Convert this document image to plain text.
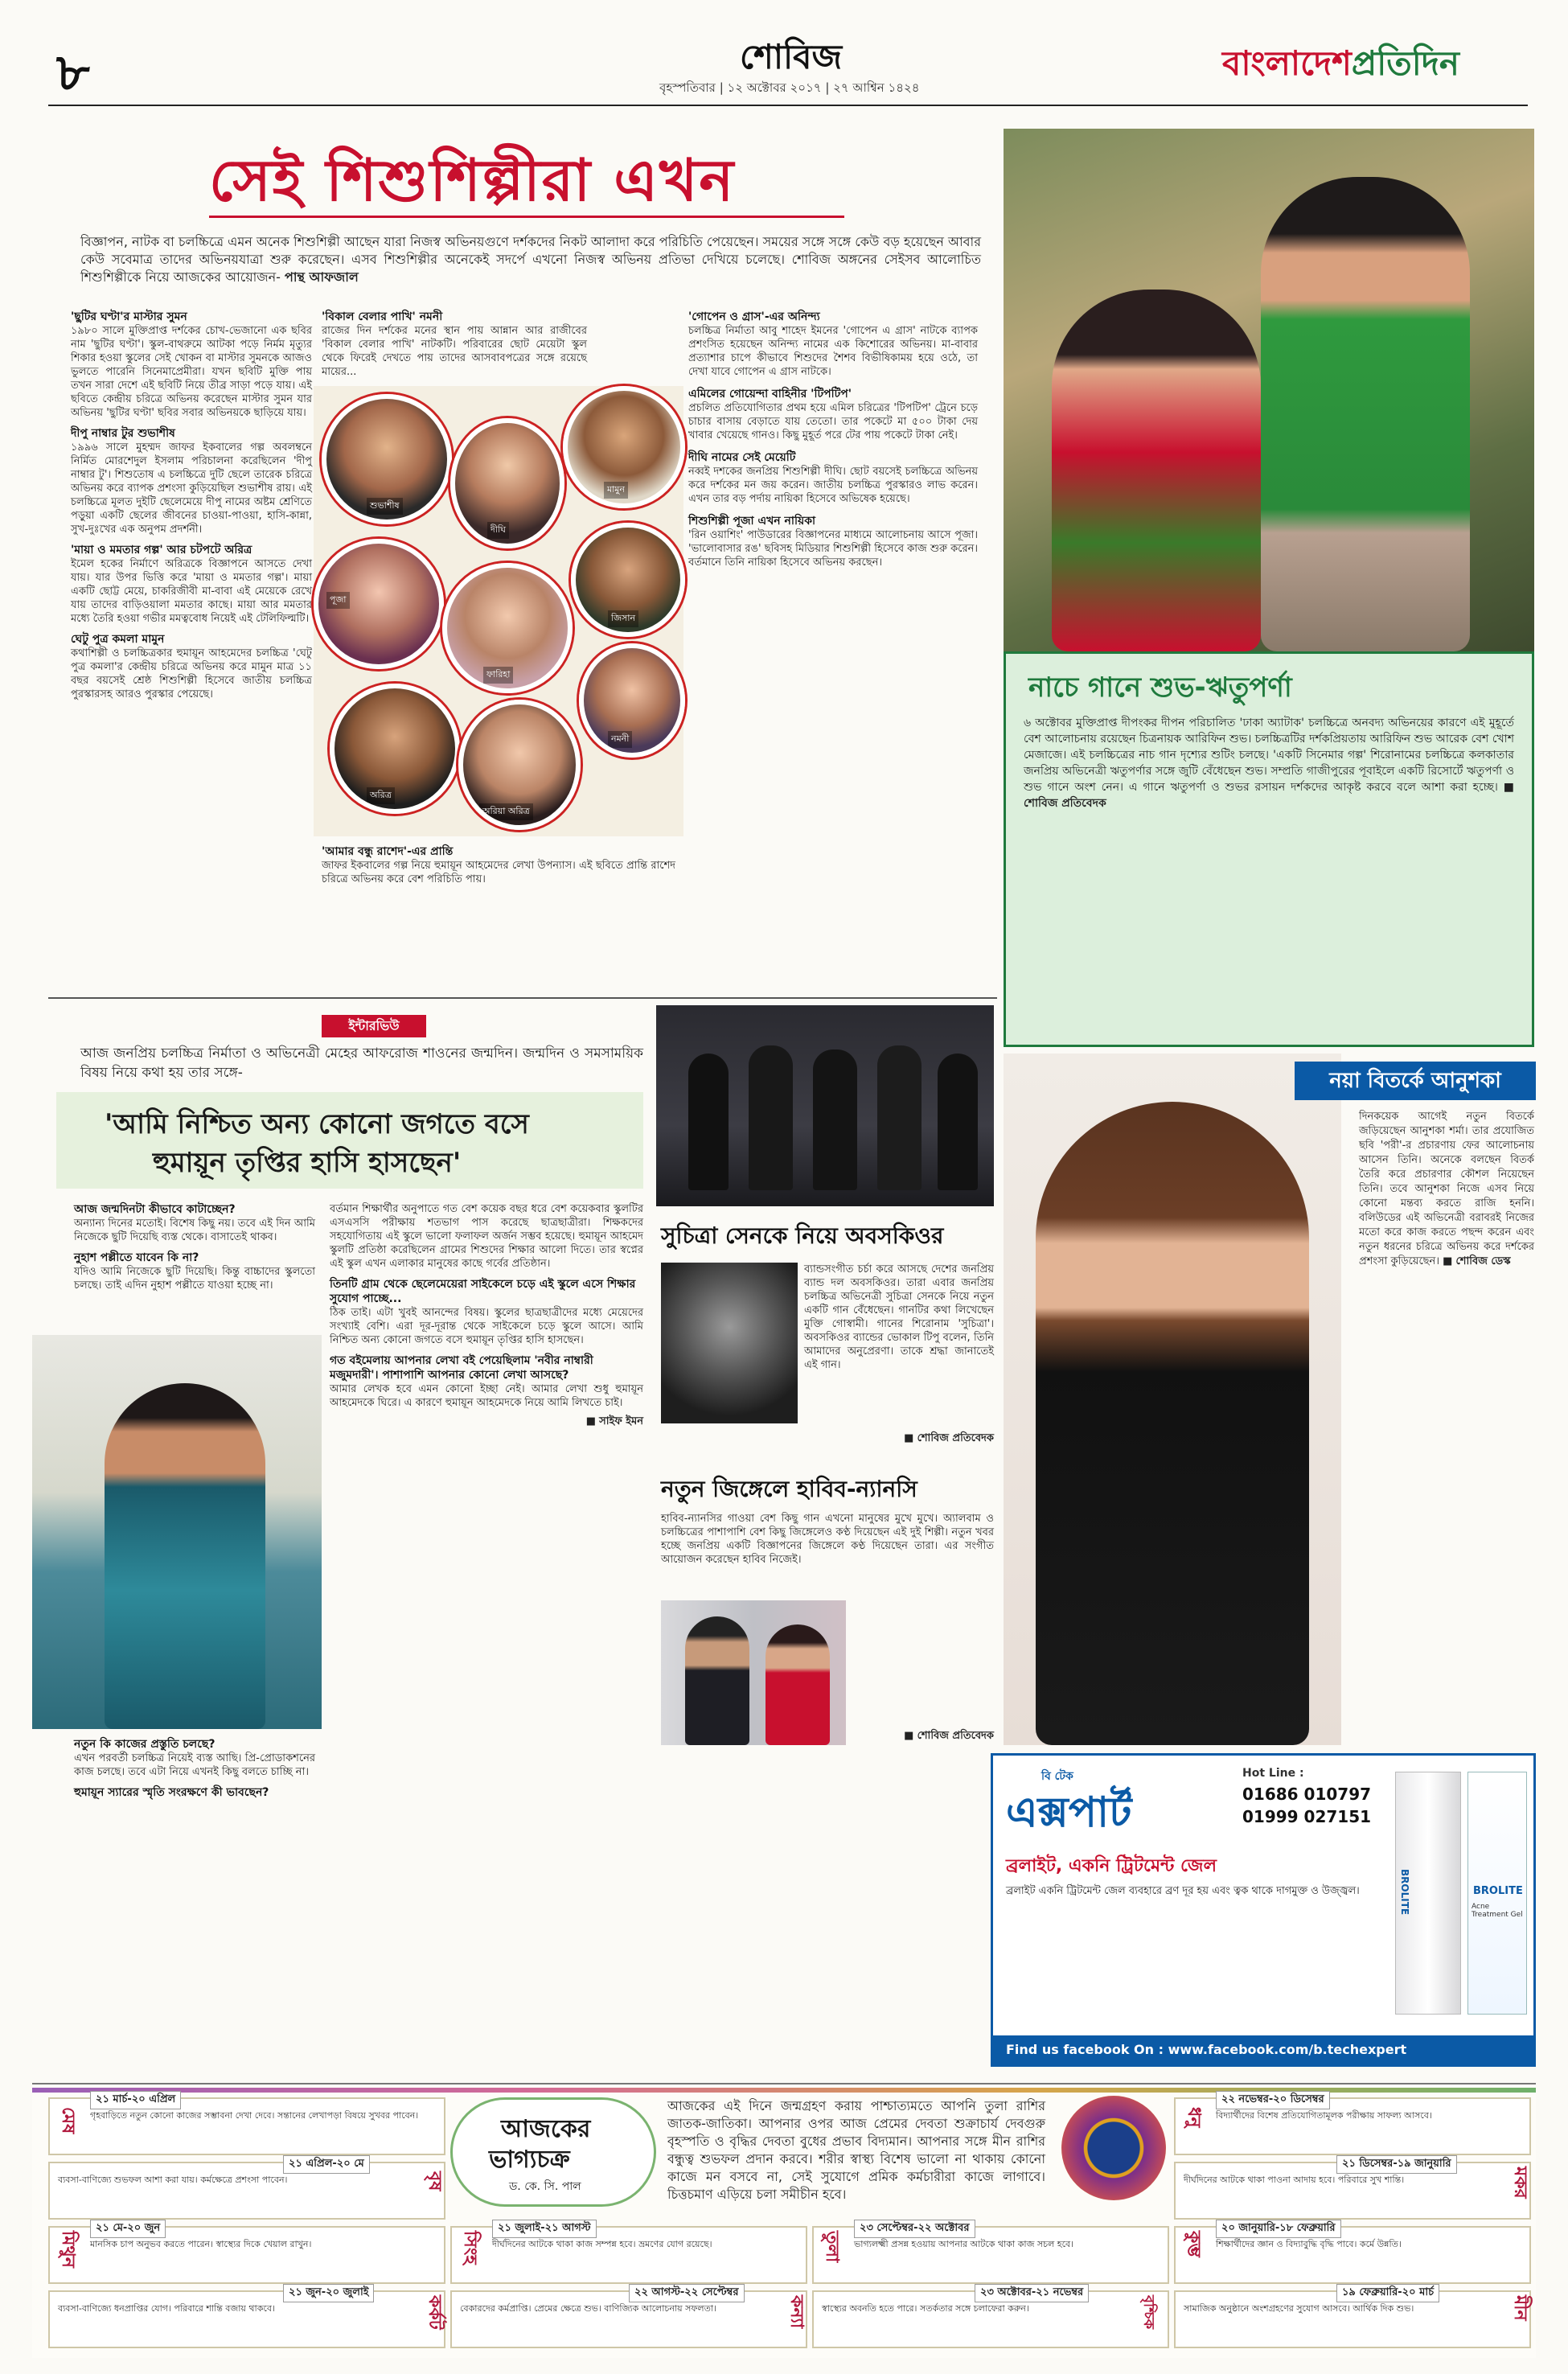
৮	শোবিজ
বৃহস্পতিবার | ১২ অক্টোবর ২০১৭ | ২৭ আশ্বিন ১৪২৪
বাংলাদেশপ্রতিদিন
সেই শিশুশিল্পীরা এখন
বিজ্ঞাপন, নাটক বা চলচ্চিত্রে এমন অনেক শিশুশিল্পী আছেন যারা নিজস্ব অভিনয়গুণে দর্শকদের নিকট আলাদা করে পরিচিতি পেয়েছেন। সময়ের সঙ্গে সঙ্গে কেউ বড় হয়েছেন আবার কেউ সবেমাত্র তাদের অভিনয়যাত্রা শুরু করেছেন। এসব শিশুশিল্পীর অনেকেই সদর্পে এখনো নিজস্ব অভিনয় প্রতিভা দেখিয়ে চলেছে। শোবিজ অঙ্গনের সেইসব আলোচিত শিশুশিল্পীকে নিয়ে আজকের আয়োজন- পান্থ আফজাল
'ছুটির ঘণ্টা'র মাস্টার সুমন
১৯৮০ সালে মুক্তিপ্রাপ্ত দর্শকের চোখ-ভেজানো এক ছবির নাম 'ছুটির ঘণ্টা'। স্কুল-বাথরুমে আটকা পড়ে নির্মম মৃত্যুর শিকার হওয়া স্কুলের সেই খোকন বা মাস্টার সুমনকে আজও ভুলতে পারেনি সিনেমাপ্রেমীরা। যখন ছবিটি মুক্তি পায় তখন সারা দেশে এই ছবিটি নিয়ে তীব্র সাড়া পড়ে যায়। এই ছবিতে কেন্দ্রীয় চরিত্রে অভিনয় করেছেন মাস্টার সুমন যার অভিনয় 'ছুটির ঘণ্টা' ছবির সবার অভিনয়কে ছাড়িয়ে যায়।
দীপু নাম্বার টুর শুভাশীষ
১৯৯৬ সালে মুহম্মদ জাফর ইকবালের গল্প অবলম্বনে নির্মিত মোরশেদুল ইসলাম পরিচালনা করেছিলেন 'দীপু নাম্বার টু'। শিশুতোষ এ চলচ্চিত্রে দুটি ছেলে তারেক চরিত্রে অভিনয় করে ব্যাপক প্রশংসা কুড়িয়েছিল শুভাশীষ রায়। এই চলচ্চিত্রে মূলত দুইটি ছেলেমেয়ে দীপু নামের অষ্টম শ্রেণিতে পড়ুয়া একটি ছেলের জীবনের চাওয়া-পাওয়া, হাসি-কান্না, সুখ-দুঃখের এক অনুপম প্রদর্শনী।
'মায়া ও মমতার গল্প' আর চটপটে অরিত্র
ইমেল হকের নির্মাণে অরিত্রকে বিজ্ঞাপনে আসতে দেখা যায়। যার উপর ভিত্তি করে 'মায়া ও মমতার গল্প'। মায়া একটি ছোট্ট মেয়ে, চাকরিজীবী মা-বাবা এই মেয়েকে রেখে যায় তাদের বাড়িওয়ালা মমতার কাছে। মায়া আর মমতার মধ্যে তৈরি হওয়া গভীর মমত্ববোধ নিয়েই এই টেলিফিল্মটি।
ঘেটু পুত্র কমলা মামুন
কথাশিল্পী ও চলচ্চিত্রকার হুমায়ূন আহমেদের চলচ্চিত্র 'ঘেটু পুত্র কমলা'র কেন্দ্রীয় চরিত্রে অভিনয় করে মামুন মাত্র ১১ বছর বয়সেই শ্রেষ্ঠ শিশুশিল্পী হিসেবে জাতীয় চলচ্চিত্র পুরস্কারসহ আরও পুরস্কার পেয়েছে।
'বিকাল বেলার পাখি' নমনী
রাজের দিন দর্শকের মনের স্থান পায় আন্নান আর রাজীবের 'বিকাল বেলার পাখি' নাটকটি। পরিবারের ছোট মেয়েটা স্কুল থেকে ফিরেই দেখতে পায় তাদের আসবাবপত্রের সঙ্গে রয়েছে মায়ের...
শুভাশীষ
দীঘি
মামুন
পূজা
জিসান
ফারিহা
অরিত্র
অরিয়া অরিত্র
নমনী
'আমার বন্ধু রাশেদ'-এর প্রান্তি
জাফর ইকবালের গল্প নিয়ে হুমায়ূন আহমেদের লেখা উপন্যাস। এই ছবিতে প্রান্তি রাশেদ চরিত্রে অভিনয় করে বেশ পরিচিতি পায়।
'গোপেন ও গ্রাস'-এর অনিন্দ্য
চলচ্চিত্র নির্মাতা আবু শাহেদ ইমনের 'গোপেন এ গ্রাস' নাটকে ব্যাপক প্রশংসিত হয়েছেন অনিন্দ্য নামের এক কিশোরের অভিনয়। মা-বাবার প্রত্যাশার চাপে কীভাবে শিশুদের শৈশব বিভীষিকাময় হয়ে ওঠে, তা দেখা যাবে গোপেন এ গ্রাস নাটকে।
এমিলের গোয়েন্দা বাহিনীর 'টিপটিপ'
প্রচলিত প্রতিযোগিতার প্রথম হয়ে এমিল চরিত্রের 'টিপটিপ' ট্রেনে চড়ে চাচার বাসায় বেড়াতে যায় তেতো। তার পকেটে মা ৫০০ টাকা দেয় খাবার খেয়েছে গানও। কিছু মুহূর্ত পরে টের পায় পকেটে টাকা নেই।
দীঘি নামের সেই মেয়েটি
নব্বই দশকের জনপ্রিয় শিশুশিল্পী দীঘি। ছোট বয়সেই চলচ্চিত্রে অভিনয় করে দর্শকের মন জয় করেন। জাতীয় চলচ্চিত্র পুরস্কারও লাভ করেন। এখন তার বড় পর্দায় নায়িকা হিসেবে অভিষেক হয়েছে।
শিশুশিল্পী পূজা এখন নায়িকা
'রিন ওয়াশিং' পাউডারের বিজ্ঞাপনের মাধ্যমে আলোচনায় আসে পূজা। 'ভালোবাসার রঙ' ছবিসহ মিডিয়ার শিশুশিল্পী হিসেবে কাজ শুরু করেন। বর্তমানে তিনি নায়িকা হিসেবে অভিনয় করছেন।
নাচে গানে শুভ-ঋতুপর্ণা
৬ অক্টোবর মুক্তিপ্রাপ্ত দীপংকর দীপন পরিচালিত 'ঢাকা অ্যাটাক' চলচ্চিত্রে অনবদ্য অভিনয়ের কারণে এই মুহূর্তে বেশ আলোচনায় রয়েছেন চিত্রনায়ক আরিফিন শুভ। চলচ্চিত্রটির দর্শকপ্রিয়তায় আরিফিন শুভ আরেক বেশ খোশ মেজাজে। এই চলচ্চিত্রের নাচ গান দৃশ্যের শুটিং চলছে। 'একটি সিনেমার গল্প' শিরোনামের চলচ্চিত্রে কলকাতার জনপ্রিয় অভিনেত্রী ঋতুপর্ণার সঙ্গে জুটি বেঁধেছেন শুভ। সম্প্রতি গাজীপুরের পূবাইলে একটি রিসোর্টে ঋতুপর্ণা ও শুভ গানে অংশ নেন। এ গানে ঋতুপর্ণা ও শুভর রসায়ন দর্শকদের আকৃষ্ট করবে বলে আশা করা হচ্ছে। ■ শোবিজ প্রতিবেদক
ইন্টারভিউ
আজ জনপ্রিয় চলচ্চিত্র নির্মাতা ও অভিনেত্রী মেহের আফরোজ শাওনের জন্মদিন। জন্মদিন ও সমসাময়িক বিষয় নিয়ে কথা হয় তার সঙ্গে-
'আমি নিশ্চিত অন্য কোনো জগতে বসে
হুমায়ূন তৃপ্তির হাসি হাসছেন'
আজ জন্মদিনটা কীভাবে কাটাচ্ছেন?
অন্যান্য দিনের মতোই। বিশেষ কিছু নয়। তবে এই দিন আমি নিজেকে ছুটি দিয়েছি ব্যস্ত থেকে। বাসাতেই থাকব।
নুহাশ পল্লীতে যাবেন কি না?
যদিও আমি নিজেকে ছুটি দিয়েছি। কিন্তু বাচ্চাদের স্কুলতো চলছে। তাই এদিন নুহাশ পল্লীতে যাওয়া হচ্ছে না।
নতুন কি কাজের প্রস্তুতি চলছে?
এখন পরবর্তী চলচ্চিত্র নিয়েই ব্যস্ত আছি। প্রি-প্রোডাকশনের কাজ চলছে। তবে এটা নিয়ে এখনই কিছু বলতে চাচ্ছি না।
হুমায়ূন স্যারের স্মৃতি সংরক্ষণে কী ভাবছেন?
বর্তমান শিক্ষার্থীর অনুপাতে গত বেশ কয়েক বছর ধরে বেশ কয়েকবার স্কুলটির এসএসসি পরীক্ষায় শতভাগ পাস করেছে ছাত্রছাত্রীরা। শিক্ষকদের সহযোগিতায় এই স্কুলে ভালো ফলাফল অর্জন সম্ভব হয়েছে। হুমায়ূন আহমেদ স্কুলটি প্রতিষ্ঠা করেছিলেন গ্রামের শিশুদের শিক্ষার আলো দিতে। তার স্বপ্নের এই স্কুল এখন এলাকার মানুষের কাছে গর্বের প্রতিষ্ঠান।
তিনটি গ্রাম থেকে ছেলেমেয়েরা সাইকেলে চড়ে এই স্কুলে এসে শিক্ষার সুযোগ পাচ্ছে...
ঠিক তাই। এটা খুবই আনন্দের বিষয়। স্কুলের ছাত্রছাত্রীদের মধ্যে মেয়েদের সংখ্যাই বেশি। এরা দূর-দূরান্ত থেকে সাইকেলে চড়ে স্কুলে আসে। আমি নিশ্চিত অন্য কোনো জগতে বসে হুমায়ূন তৃপ্তির হাসি হাসছেন।
গত বইমেলায় আপনার লেখা বই পেয়েছিলাম 'নবীর নাম্বারী মজুমদারী'। পাশাপাশি আপনার কোনো লেখা আসছে?
আমার লেখক হবে এমন কোনো ইচ্ছা নেই। আমার লেখা শুধু হুমায়ূন আহমেদকে ঘিরে। এ কারণে হুমায়ূন আহমেদকে নিয়ে আমি লিখতে চাই।
■ সাইফ ইমন
সুচিত্রা সেনকে নিয়ে অবসকিওর
ব্যান্ডসংগীত চর্চা করে আসছে দেশের জনপ্রিয় ব্যান্ড দল অবসকিওর। তারা এবার জনপ্রিয় চলচ্চিত্র অভিনেত্রী সুচিত্রা সেনকে নিয়ে নতুন একটি গান বেঁধেছেন। গানটির কথা লিখেছেন মুক্তি গোস্বামী। গানের শিরোনাম 'সুচিত্রা'। অবসকিওর ব্যান্ডের ভোকাল টিপু বলেন, তিনি আমাদের অনুপ্রেরণা। তাকে শ্রদ্ধা জানাতেই এই গান।
■ শোবিজ প্রতিবেদক
নতুন জিঙ্গেলে হাবিব-ন্যানসি
হাবিব-ন্যানসির গাওয়া বেশ কিছু গান এখনো মানুষের মুখে মুখে। অ্যালবাম ও চলচ্চিত্রের পাশাপাশি বেশ কিছু জিঙ্গেলেও কণ্ঠ দিয়েছেন এই দুই শিল্পী। নতুন খবর হচ্ছে জনপ্রিয় একটি বিজ্ঞাপনের জিঙ্গেলে কণ্ঠ দিয়েছেন তারা। এর সংগীত আয়োজন করেছেন হাবিব নিজেই।
■ শোবিজ প্রতিবেদক
নয়া বিতর্কে আনুশকা
দিনকয়েক আগেই নতুন বিতর্কে জড়িয়েছেন আনুশকা শর্মা। তার প্রযোজিত ছবি 'পরী'-র প্রচারণায় ফের আলোচনায় আসেন তিনি। অনেকে বলছেন বিতর্ক তৈরি করে প্রচারণার কৌশল নিয়েছেন তিনি। তবে আনুশকা নিজে এসব নিয়ে কোনো মন্তব্য করতে রাজি হননি। বলিউডের এই অভিনেত্রী বরাবরই নিজের মতো করে কাজ করতে পছন্দ করেন এবং নতুন ধরনের চরিত্রে অভিনয় করে দর্শকের প্রশংসা কুড়িয়েছেন। ■ শোবিজ ডেস্ক
বি টেক
এক্সপার্ট
Hot Line :
01686 010797
01999 027151
ব্রলাইট, একনি ট্রিটমেন্ট জেল
ব্রলাইট একনি ট্রিটমেন্ট জেল ব্যবহারে ব্রণ দূর হয় এবং ত্বক থাকে দাগমুক্ত ও উজ্জ্বল।	BROLITE	BROLITE
Acne Treatment Gel
Find us facebook On : www.facebook.com/b.techexpert
আজকের
ভাগ্যচক্র
ড. কে. সি. পাল
আজকের এই দিনে জন্মগ্রহণ করায় পাশ্চাত্যমতে আপনি তুলা রাশির জাতক-জাতিকা। আপনার ওপর আজ প্রেমের দেবতা শুক্রাচার্য দেবগুরু বৃহস্পতি ও বৃদ্ধির দেবতা বুধের প্রভাব বিদ্যমান। আপনার সঙ্গে মীন রাশির বন্ধুত্ব শুভফল প্রদান করবে। শরীর স্বাস্থ্য বিশেষ ভালো না থাকায় কোনো কাজে মন বসবে না, সেই সুযোগে প্রমিক কর্মচারীরা কাজে লাগাবে। চিত্তচমাণ এড়িয়ে চলা সমীচীন হবে।
মেষ
২১ মার্চ-২০ এপ্রিল
গৃহবাড়িতে নতুন কোনো কাজের সম্ভাবনা দেখা দেবে। সন্তানের লেখাপড়া বিষয়ে সুখবর পাবেন।
বৃষ
২১ এপ্রিল-২০ মে
ব্যবসা-বাণিজ্যে শুভফল আশা করা যায়। কর্মক্ষেত্রে প্রশংসা পাবেন।
মিথুন
২১ মে-২০ জুন
মানসিক চাপ অনুভব করতে পারেন। স্বাস্থ্যের দিকে খেয়াল রাখুন।
কর্কট
২১ জুন-২০ জুলাই
ব্যবসা-বাণিজ্যে ধনপ্রাপ্তির যোগ। পরিবারে শান্তি বজায় থাকবে।
সিংহ
২১ জুলাই-২১ আগস্ট
দীর্ঘদিনের আটকে থাকা কাজ সম্পন্ন হবে। ভ্রমণের যোগ রয়েছে।
কন্যা
২২ আগস্ট-২২ সেপ্টেম্বর
বেকারদের কর্মপ্রাপ্তি। প্রেমের ক্ষেত্রে শুভ। বাণিজ্যিক আলোচনায় সফলতা।
তুলা
২৩ সেপ্টেম্বর-২২ অক্টোবর
ভাগ্যলক্ষ্মী প্রসন্ন হওয়ায় আপনার আটকে থাকা কাজ সচল হবে।
বৃশ্চিক
২৩ অক্টোবর-২১ নভেম্বর
স্বাস্থ্যের অবনতি হতে পারে। সতর্কতার সঙ্গে চলাফেরা করুন।
ধনু
২২ নভেম্বর-২০ ডিসেম্বর
বিদ্যার্থীদের বিশেষ প্রতিযোগিতামূলক পরীক্ষায় সাফল্য আসবে।
মকর
২১ ডিসেম্বর-১৯ জানুয়ারি
দীর্ঘদিনের আটকে থাকা পাওনা আদায় হবে। পরিবারে সুখ শান্তি।
কুম্ভ
২০ জানুয়ারি-১৮ ফেব্রুয়ারি
শিক্ষার্থীদের জ্ঞান ও বিদ্যাবুদ্ধি বৃদ্ধি পাবে। কর্মে উন্নতি।
মীন
১৯ ফেব্রুয়ারি-২০ মার্চ
সামাজিক অনুষ্ঠানে অংশগ্রহণের সুযোগ আসবে। আর্থিক দিক শুভ।
